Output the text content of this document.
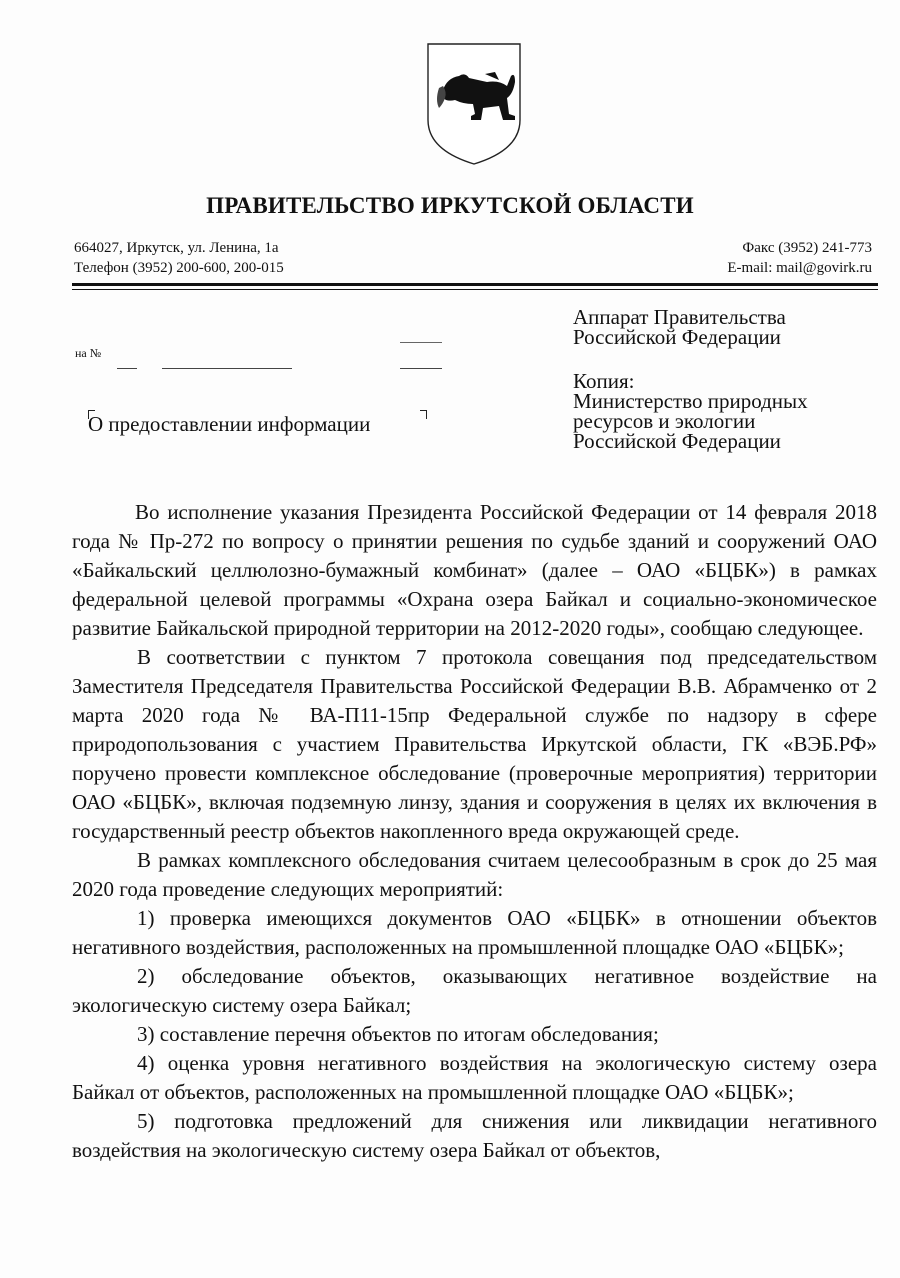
ПРАВИТЕЛЬСТВО ИРКУТСКОЙ ОБЛАСТИ
664027, Иркутск, ул. Ленина, 1а
Телефон (3952) 200-600, 200-015
Факс (3952) 241-773
E-mail: mail@govirk.ru
на №
О предоставлении информации
Аппарат Правительства
Российской Федерации
Копия:
Министерство природных
ресурсов и экологии
Российской Федерации

Во исполнение указания Президента Российской Федерации от 14 февраля 2018 года № Пр-272 по вопросу о принятии решения по судьбе зданий и сооружений ОАО «Байкальский целлюлозно-бумажный комбинат» (далее – ОАО «БЦБК») в рамках федеральной целевой программы «Охрана озера Байкал и социально-экономическое развитие Байкальской природной территории на 2012-2020 годы», сообщаю следующее.

В соответствии с пунктом 7 протокола совещания под председательством Заместителя Председателя Правительства Российской Федерации В.В. Абрамченко от 2 марта 2020 года № ВА-П11-15пр Федеральной службе по надзору в сфере природопользования с участием Правительства Иркутской области, ГК «ВЭБ.РФ» поручено провести комплексное обследование (проверочные мероприятия) территории ОАО «БЦБК», включая подземную линзу, здания и сооружения в целях их включения в государственный реестр объектов накопленного вреда окружающей среде.

В рамках комплексного обследования считаем целесообразным в срок до 25 мая 2020 года проведение следующих мероприятий:

1) проверка имеющихся документов ОАО «БЦБК» в отношении объектов негативного воздействия, расположенных на промышленной площадке ОАО «БЦБК»;

2) обследование объектов, оказывающих негативное воздействие на экологическую систему озера Байкал;

3) составление перечня объектов по итогам обследования;

4) оценка уровня негативного воздействия на экологическую систему озера Байкал от объектов, расположенных на промышленной площадке ОАО «БЦБК»;

5) подготовка предложений для снижения или ликвидации негативного воздействия на экологическую систему озера Байкал от объектов,
